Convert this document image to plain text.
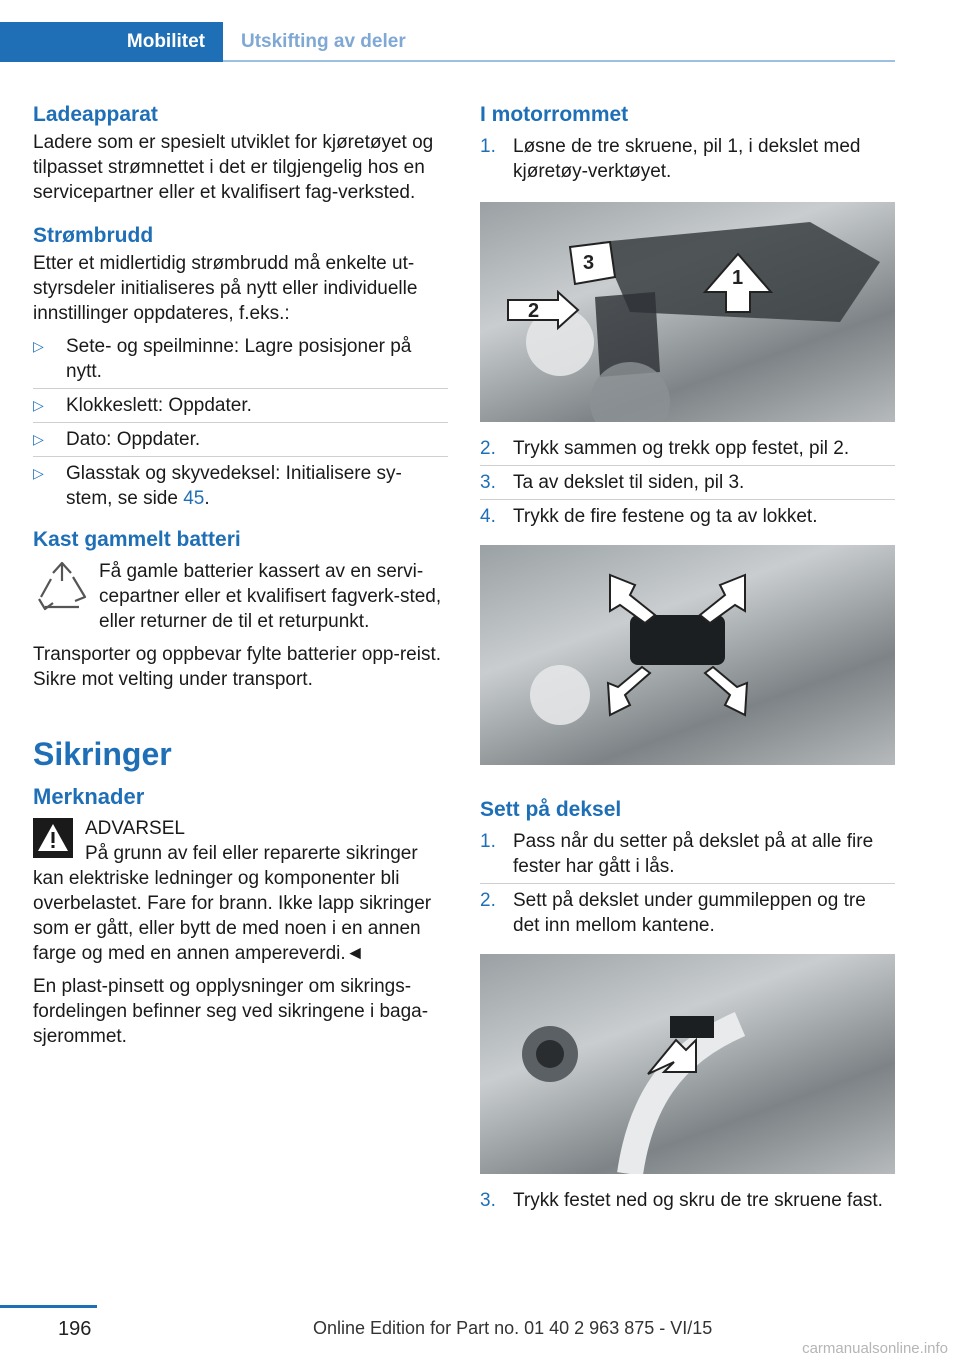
Mobilitet	Utskifting av deler
Ladeapparat

Ladere som er spesielt utviklet for kjøretøyet og tilpasset strømnettet i det er tilgjengelig hos en servicepartner eller et kvalifisert fag-verksted.

Strømbrudd

Etter et midlertidig strømbrudd må enkelte ut-styrsdeler initialiseres på nytt eller individuelle innstillinger oppdateres, f.eks.:

▷	Sete- og speilminne: Lagre posisjoner på nytt.
▷	Klokkeslett: Oppdater.
▷	Dato: Oppdater.
▷	Glasstak og skyvedeksel: Initialisere sy-stem, se side 45.
Kast gammelt batteri

Få gamle batterier kassert av en servi-cepartner eller et kvalifisert fagverk-sted, eller returner de til et returpunkt.

Transporter og oppbevar fylte batterier opp-reist. Sikre mot velting under transport.

Sikringer
Merknader

ADVARSEL

På grunn av feil eller reparerte sikringer kan elektriske ledninger og komponenter bli overbelastet. Fare for brann. Ikke lapp sikringer som er gått, eller bytt de med noen i en annen farge og med en annen ampereverdi.◄

En plast-pinsett og opplysninger om sikrings-fordelingen befinner seg ved sikringene i baga-sjerommet.

I motorrommet
1. Løsne de tre skruene, pil 1, i dekslet med kjøretøy-verktøyet.
3
1
2
2. Trykk sammen og trekk opp festet, pil 2.
3. Ta av dekslet til siden, pil 3.
4. Trykk de fire festene og ta av lokket.
Sett på deksel
1. Pass når du setter på dekslet på at alle fire fester har gått i lås.
2. Sett på dekslet under gummileppen og tre det inn mellom kantene.
3. Trykk festet ned og skru de tre skruene fast.
196	Online Edition for Part no. 01 40 2 963 875 - VI/15
carmanualsonline.info
